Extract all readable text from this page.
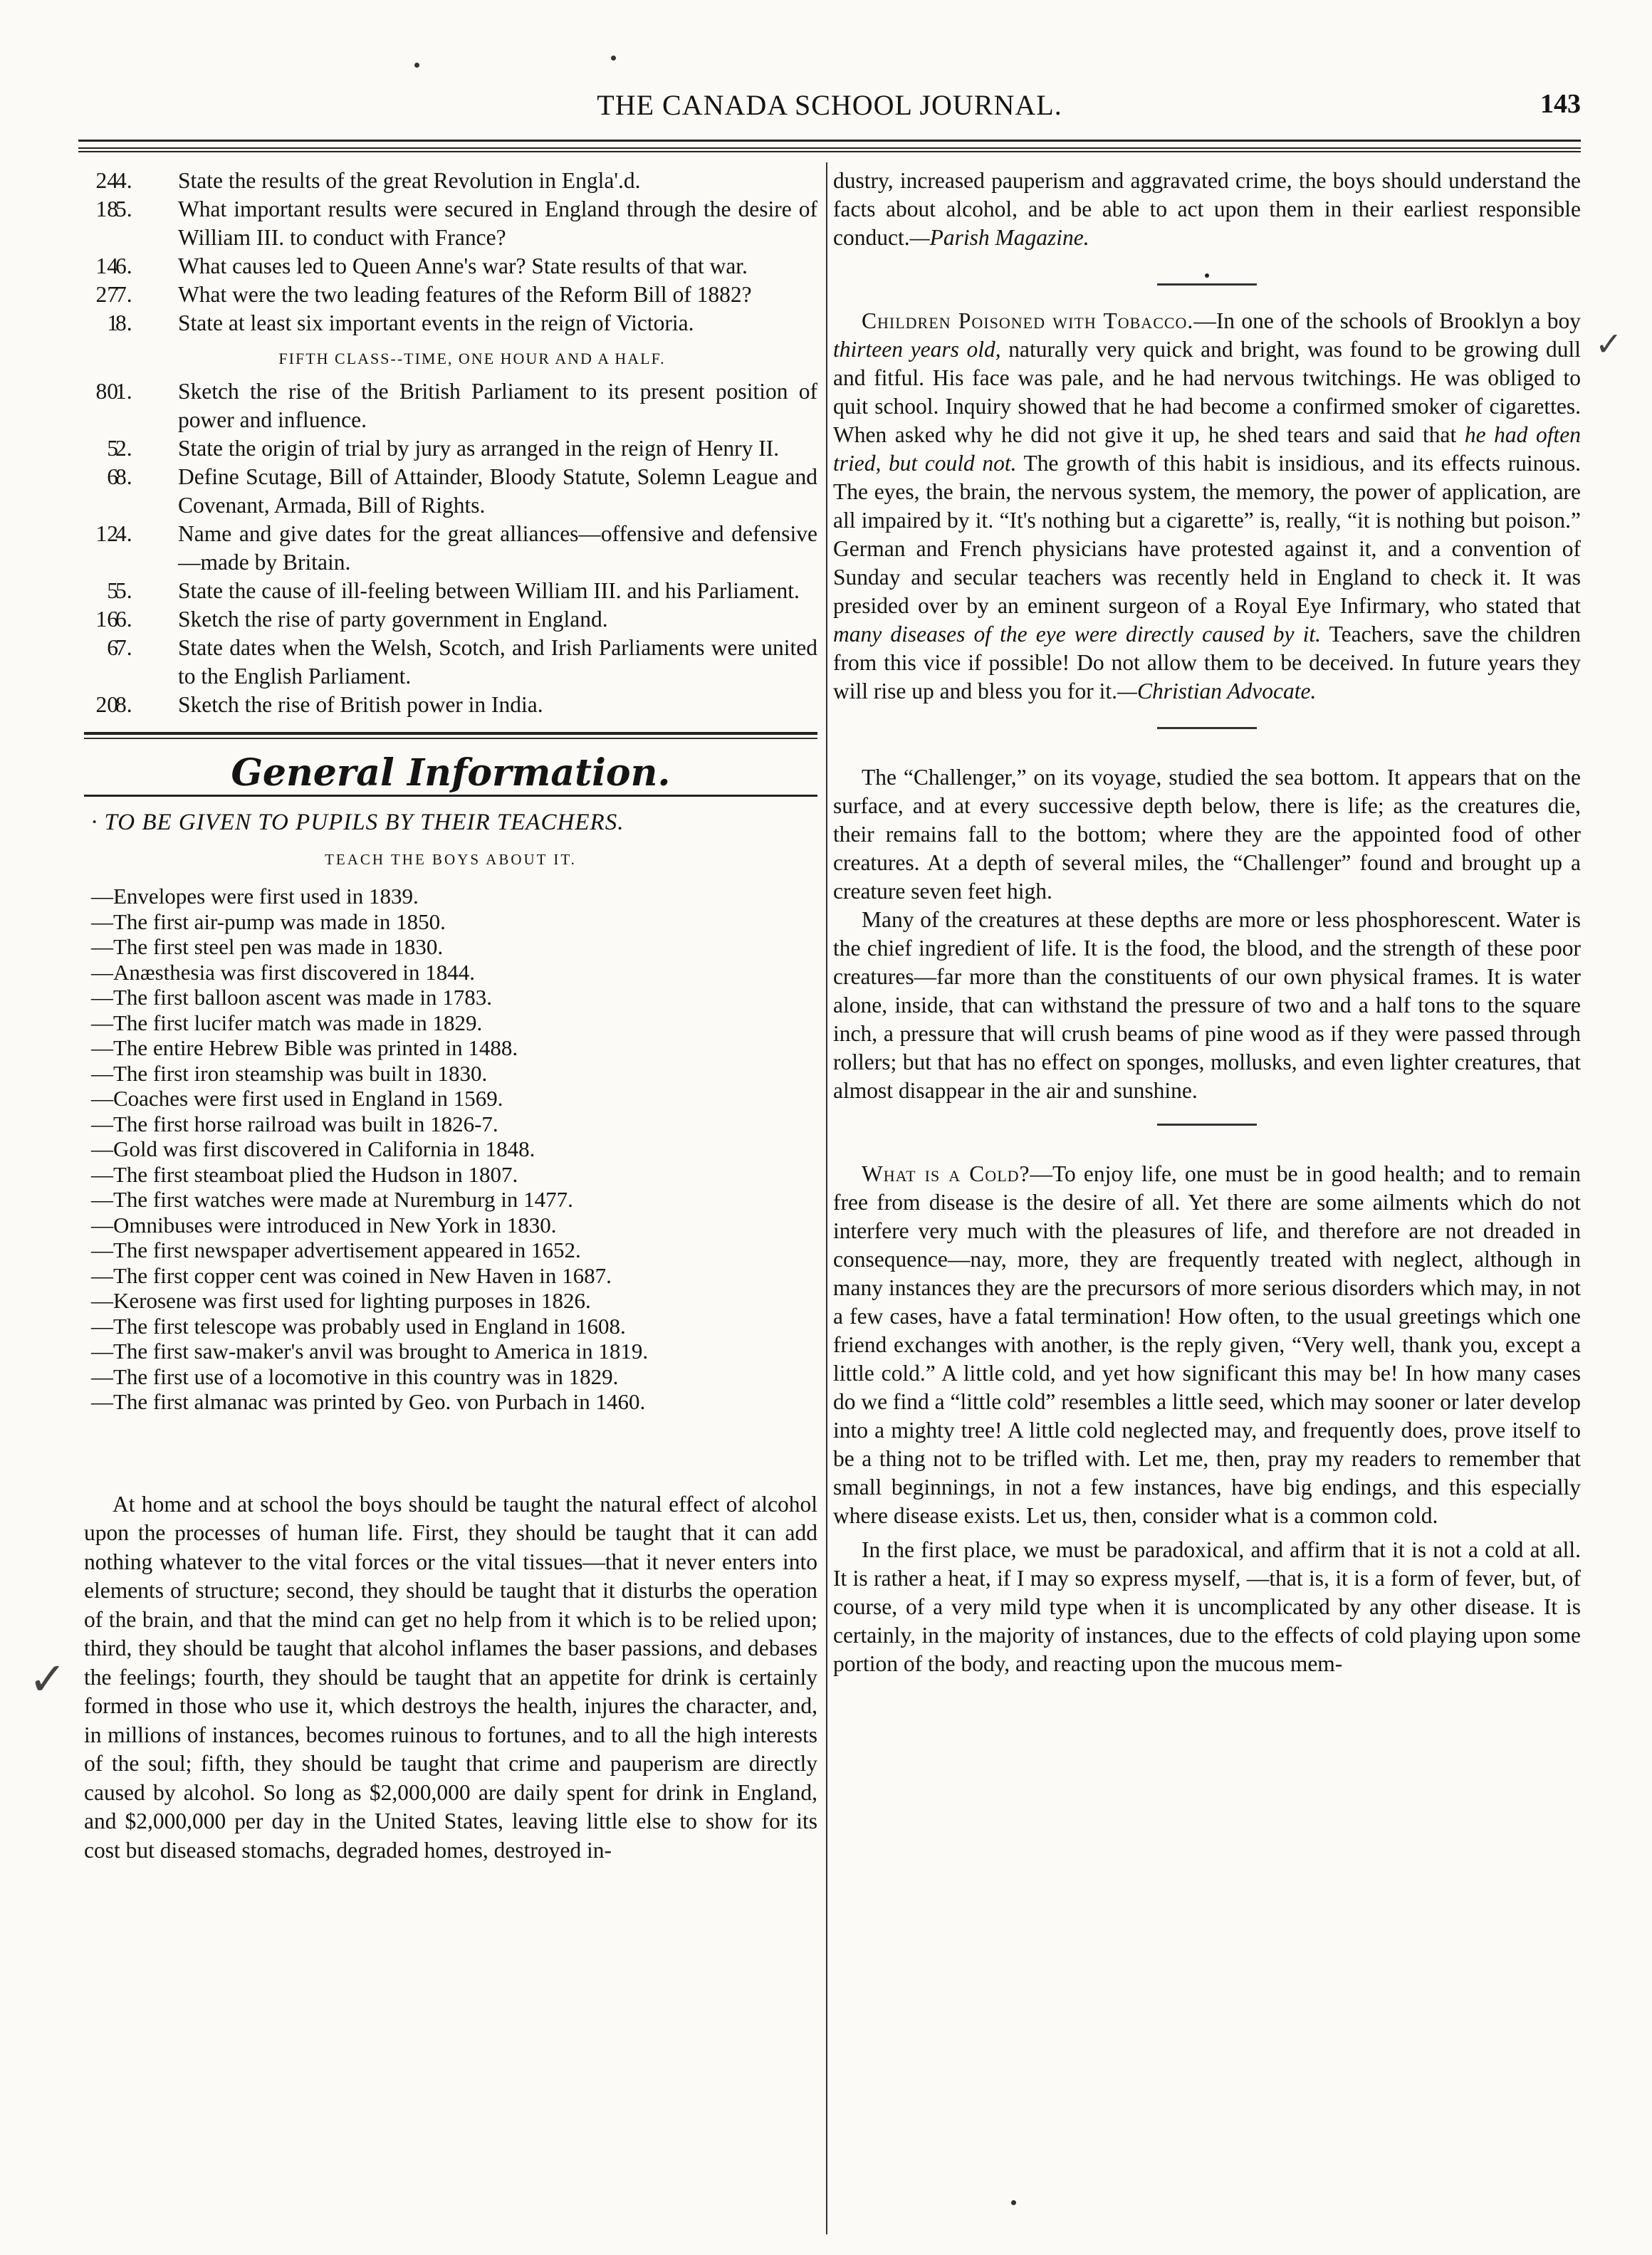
THE CANADA SCHOOL JOURNAL.	143
24
4. State the results of the great Revolution in Engla'.d.
18
5. What important results were secured in England through the desire of William III. to conduct with France?
14
6. What causes led to Queen Anne's war? State results of that war.
27
7. What were the two leading features of the Reform Bill of 1882?
1
8. State at least six important events in the reign of Victoria.
FIFTH CLASS--TIME, ONE HOUR AND A HALF.
80
1. Sketch the rise of the British Parliament to its present position of power and influence.
5
2. State the origin of trial by jury as arranged in the reign of Henry II.
6
8. Define Scutage, Bill of Attainder, Bloody Statute, Solemn League and Covenant, Armada, Bill of Rights.
12
4. Name and give dates for the great alliances—offensive and defensive—made by Britain.
5
5. State the cause of ill-feeling between William III. and his Parliament.
16
6. Sketch the rise of party government in England.
6
7. State dates when the Welsh, Scotch, and Irish Parliaments were united to the English Parliament.
20
8. Sketch the rise of British power in India.
General Information.
· TO BE GIVEN TO PUPILS BY THEIR TEACHERS.
TEACH THE BOYS ABOUT IT.
—Envelopes were first used in 1839.
—The first air-pump was made in 1850.
—The first steel pen was made in 1830.
—Anæsthesia was first discovered in 1844.
—The first balloon ascent was made in 1783.
—The first lucifer match was made in 1829.
—The entire Hebrew Bible was printed in 1488.
—The first iron steamship was built in 1830.
—Coaches were first used in England in 1569.
—The first horse railroad was built in 1826-7.
—Gold was first discovered in California in 1848.
—The first steamboat plied the Hudson in 1807.
—The first watches were made at Nuremburg in 1477.
—Omnibuses were introduced in New York in 1830.
—The first newspaper advertisement appeared in 1652.
—The first copper cent was coined in New Haven in 1687.
—Kerosene was first used for lighting purposes in 1826.
—The first telescope was probably used in England in 1608.
—The first saw-maker's anvil was brought to America in 1819.
—The first use of a locomotive in this country was in 1829.
—The first almanac was printed by Geo. von Purbach in 1460.

At home and at school the boys should be taught the natural effect of alcohol upon the processes of human life. First, they should be taught that it can add nothing whatever to the vital forces or the vital tissues—that it never enters into elements of structure; second, they should be taught that it disturbs the operation of the brain, and that the mind can get no help from it which is to be relied upon; third, they should be taught that alcohol inflames the baser passions, and debases the feelings; fourth, they should be taught that an appetite for drink is certainly formed in those who use it, which destroys the health, injures the character, and, in millions of instances, becomes ruinous to fortunes, and to all the high interests of the soul; fifth, they should be taught that crime and pauperism are directly caused by alcohol. So long as $2,000,000 are daily spent for drink in England, and $2,000,000 per day in the United States, leaving little else to show for its cost but diseased stomachs, degraded homes, destroyed in-

✓
✓

dustry, increased pauperism and aggravated crime, the boys should understand the facts about alcohol, and be able to act upon them in their earliest responsible conduct.—Parish Magazine.

Children Poisoned with Tobacco.—In one of the schools of Brooklyn a boy thirteen years old, naturally very quick and bright, was found to be growing dull and fitful. His face was pale, and he had nervous twitchings. He was obliged to quit school. Inquiry showed that he had become a confirmed smoker of cigarettes. When asked why he did not give it up, he shed tears and said that he had often tried, but could not. The growth of this habit is insidious, and its effects ruinous. The eyes, the brain, the nervous system, the memory, the power of application, are all impaired by it. “It's nothing but a cigarette” is, really, “it is nothing but poison.” German and French physicians have protested against it, and a convention of Sunday and secular teachers was recently held in England to check it. It was presided over by an eminent surgeon of a Royal Eye Infirmary, who stated that many diseases of the eye were directly caused by it. Teachers, save the children from this vice if possible! Do not allow them to be deceived. In future years they will rise up and bless you for it.—Christian Advocate.

The “Challenger,” on its voyage, studied the sea bottom. It appears that on the surface, and at every successive depth below, there is life; as the creatures die, their remains fall to the bottom; where they are the appointed food of other creatures. At a depth of several miles, the “Challenger” found and brought up a creature seven feet high.

Many of the creatures at these depths are more or less phosphorescent. Water is the chief ingredient of life. It is the food, the blood, and the strength of these poor creatures—far more than the constituents of our own physical frames. It is water alone, inside, that can withstand the pressure of two and a half tons to the square inch, a pressure that will crush beams of pine wood as if they were passed through rollers; but that has no effect on sponges, mollusks, and even lighter creatures, that almost disappear in the air and sunshine.

What is a Cold?—To enjoy life, one must be in good health; and to remain free from disease is the desire of all. Yet there are some ailments which do not interfere very much with the pleasures of life, and therefore are not dreaded in consequence—nay, more, they are frequently treated with neglect, although in many instances they are the precursors of more serious disorders which may, in not a few cases, have a fatal termination! How often, to the usual greetings which one friend exchanges with another, is the reply given, “Very well, thank you, except a little cold.” A little cold, and yet how significant this may be! In how many cases do we find a “little cold” resembles a little seed, which may sooner or later develop into a mighty tree! A little cold neglected may, and frequently does, prove itself to be a thing not to be trifled with. Let me, then, pray my readers to remember that small beginnings, in not a few instances, have big endings, and this especially where disease exists. Let us, then, consider what is a common cold.

In the first place, we must be paradoxical, and affirm that it is not a cold at all. It is rather a heat, if I may so express myself, —that is, it is a form of fever, but, of course, of a very mild type when it is uncomplicated by any other disease. It is certainly, in the majority of instances, due to the effects of cold playing upon some portion of the body, and reacting upon the mucous mem-
